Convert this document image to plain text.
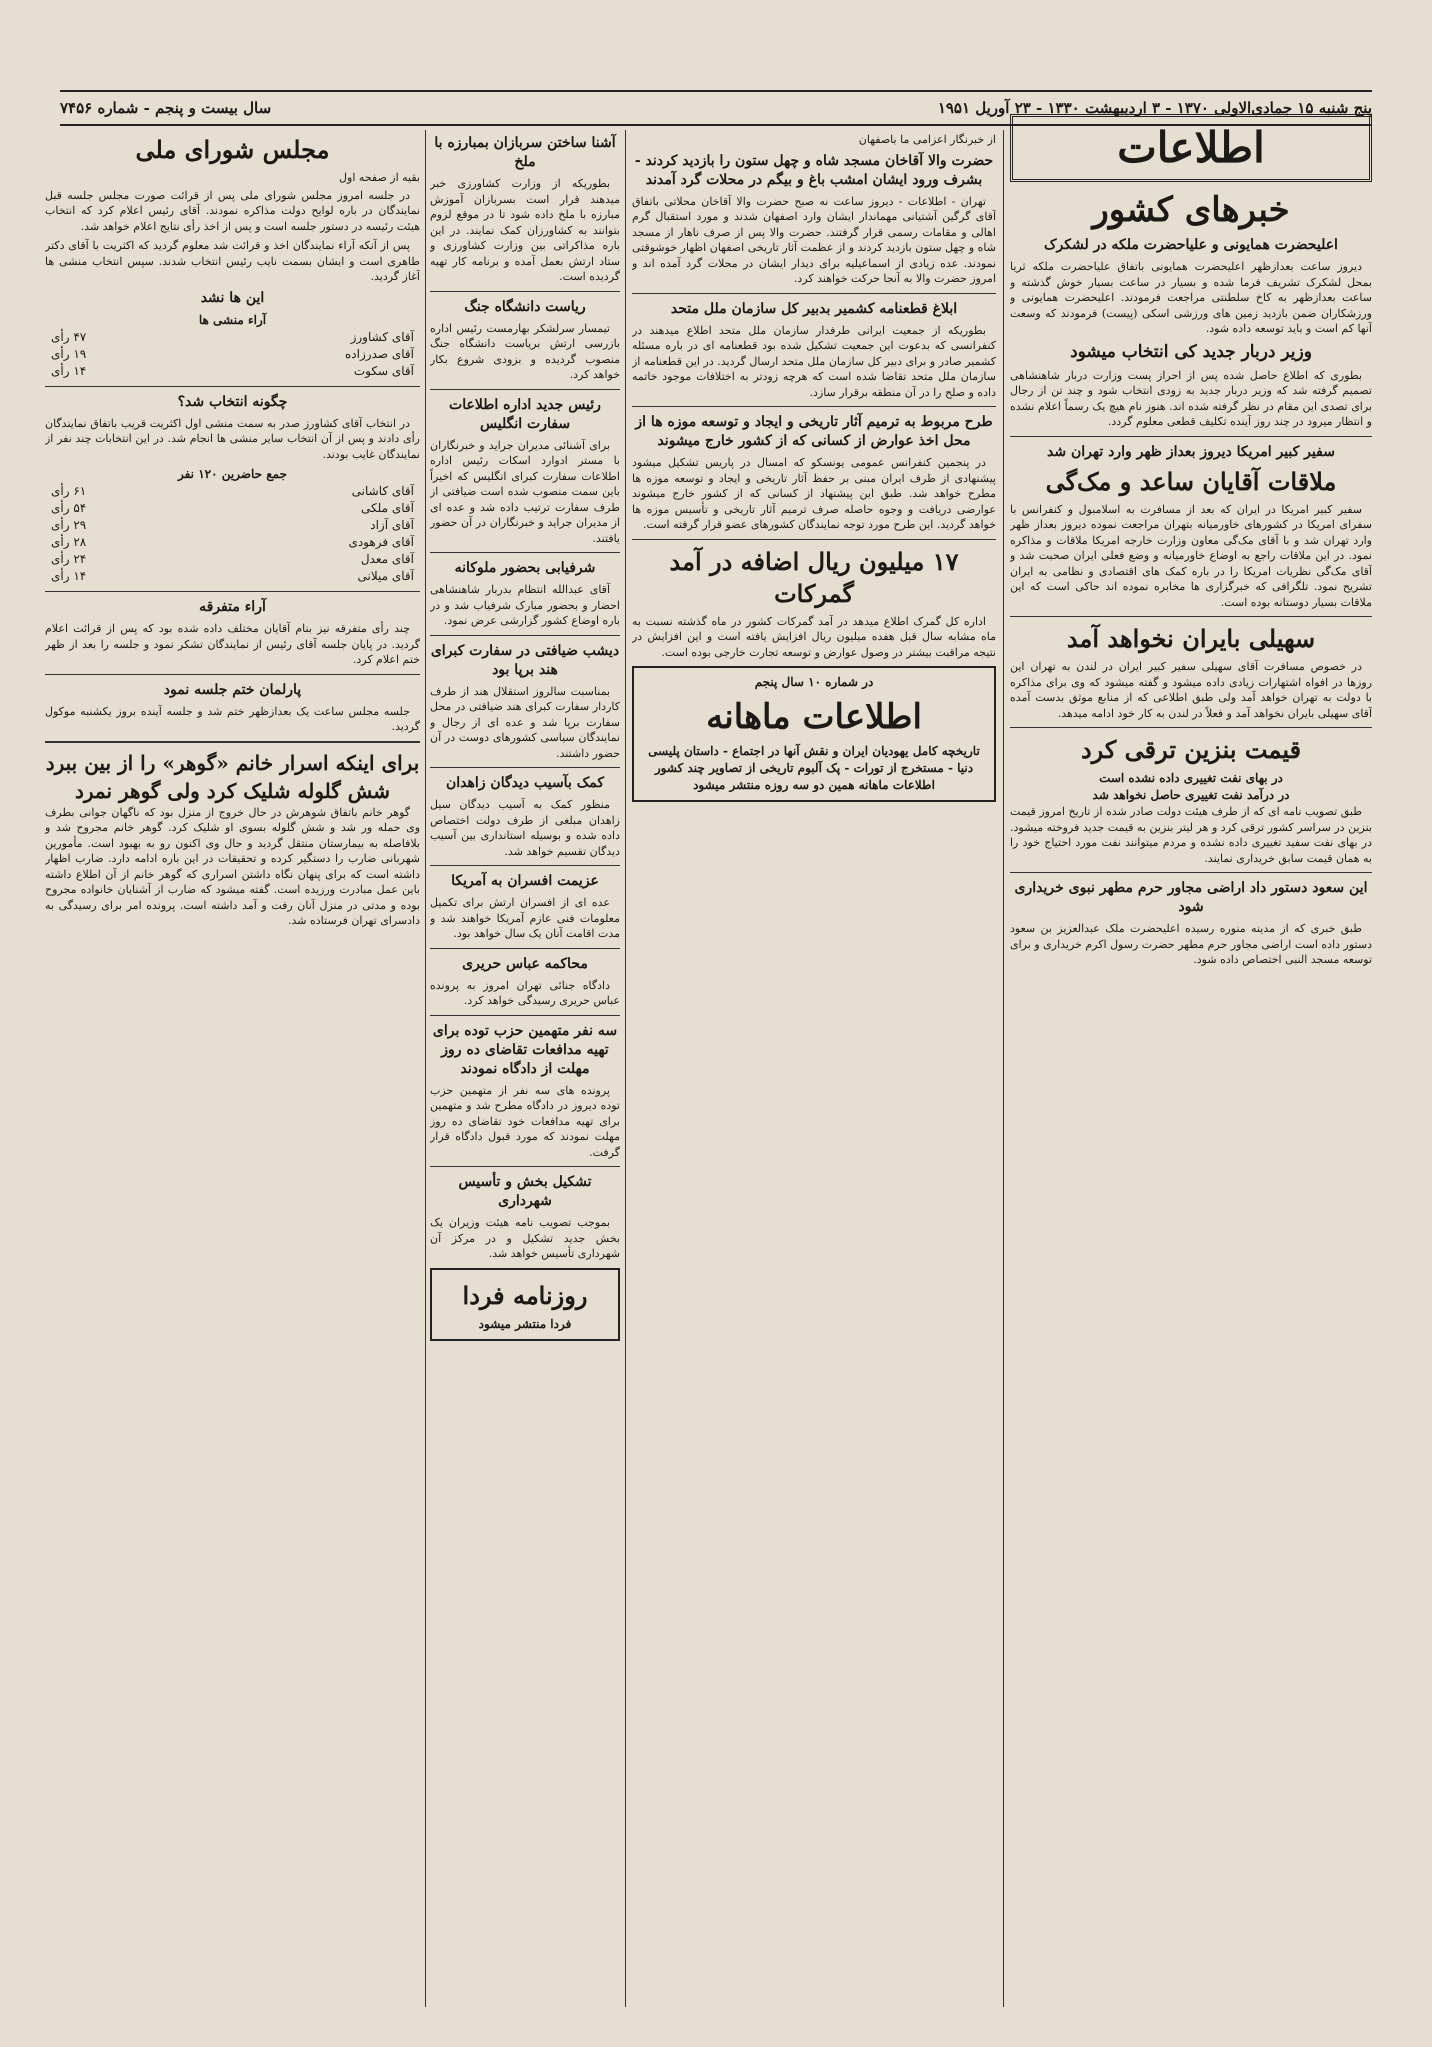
پنج شنبه ۱۵ جمادی‌الاولی ۱۳۷۰ - ۳ اردیبهشت ۱۳۳۰ - ۲۳ آوریل ۱۹۵۱
سال بیست و پنجم - شماره ۷۴۵۶
اطلاعات
خبرهای کشور
اعلیحضرت همایونی و علیاحضرت ملکه در لشکرک

دیروز ساعت بعدازظهر اعلیحضرت همایونی باتفاق علیاحضرت ملکه ثریا بمحل لشکرک تشریف فرما شده و بسیار در ساعت بسیار خوش گذشته و ساعت بعدازظهر به کاخ سلطنتی مراجعت فرمودند. اعلیحضرت همایونی و ورزشکاران ضمن بازدید زمین های ورزشی اسکی (پیست) فرمودند که وسعت آنها کم است و باید توسعه داده شود.

وزیر دربار جدید کی انتخاب میشود

بطوری که اطلاع حاصل شده پس از احراز پست وزارت دربار شاهنشاهی تصمیم گرفته شد که وزیر دربار جدید به زودی انتخاب شود و چند تن از رجال برای تصدی این مقام در نظر گرفته شده اند. هنوز نام هیچ یک رسماً اعلام نشده و انتظار میرود در چند روز آینده تکلیف قطعی معلوم گردد.

سفیر کبیر امریکا دیروز بعداز ظهر وارد تهران شد
ملاقات آقایان ساعد و مک‌گی

سفیر کبیر امریکا در ایران که بعد از مسافرت به اسلامبول و کنفرانس با سفرای امریکا در کشورهای خاورمیانه بتهران مراجعت نموده دیروز بعداز ظهر وارد تهران شد و با آقای مک‌گی معاون وزارت خارجه امریکا ملاقات و مذاکره نمود. در این ملاقات راجع به اوضاع خاورمیانه و وضع فعلی ایران صحبت شد و آقای مک‌گی نظریات امریکا را در باره کمک های اقتصادی و نظامی به ایران تشریح نمود. تلگرافی که خبرگزاری ها مخابره نموده اند حاکی است که این ملاقات بسیار دوستانه بوده است.

سهیلی بایران نخواهد آمد

در خصوص مسافرت آقای سهیلی سفیر کبیر ایران در لندن به تهران این روزها در افواه اشتهارات زیادی داده میشود و گفته میشود که وی برای مذاکره با دولت به تهران خواهد آمد ولی طبق اطلاعی که از منابع موثق بدست آمده آقای سهیلی بایران نخواهد آمد و فعلاً در لندن به کار خود ادامه میدهد.

قیمت بنزین ترقی کرد
در بهای نفت تغییری داده نشده است
در درآمد نفت تغییری حاصل نخواهد شد

طبق تصویب نامه ای که از طرف هیئت دولت صادر شده از تاریخ امروز قیمت بنزین در سراسر کشور ترقی کرد و هر لیتر بنزین به قیمت جدید فروخته میشود. در بهای نفت سفید تغییری داده نشده و مردم میتوانند نفت مورد احتیاج خود را به همان قیمت سابق خریداری نمایند.

این سعود دستور داد اراضی مجاور حرم مطهر نبوی خریداری شود

طبق خبری که از مدینه منوره رسیده اعلیحضرت ملک عبدالعزیز بن سعود دستور داده است اراضی مجاور حرم مطهر حضرت رسول اکرم خریداری و برای توسعه مسجد النبی اختصاص داده شود.

از خبرنگار اعزامی ما باصفهان
حضرت والا آقاخان مسجد شاه و چهل ستون را بازدید کردند - بشرف ورود ایشان امشب باغ و بیگم در محلات گرد آمدند

تهران - اطلاعات - دیروز ساعت نه صبح حضرت والا آقاخان محلاتی باتفاق آقای گرگین آشتیانی مهماندار ایشان وارد اصفهان شدند و مورد استقبال گرم اهالی و مقامات رسمی قرار گرفتند. حضرت والا پس از صرف ناهار از مسجد شاه و چهل ستون بازدید کردند و از عظمت آثار تاریخی اصفهان اظهار خوشوقتی نمودند. عده زیادی از اسماعیلیه برای دیدار ایشان در محلات گرد آمده اند و امروز حضرت والا به آنجا حرکت خواهند کرد.

ابلاغ قطعنامه کشمیر بدبیر کل سازمان ملل متحد

بطوریکه از جمعیت ایرانی طرفدار سازمان ملل متحد اطلاع میدهند در کنفرانسی که بدعوت این جمعیت تشکیل شده بود قطعنامه ای در باره مسئله کشمیر صادر و برای دبیر کل سازمان ملل متحد ارسال گردید. در این قطعنامه از سازمان ملل متحد تقاضا شده است که هرچه زودتر به اختلافات موجود خاتمه داده و صلح را در آن منطقه برقرار سازد.

طرح مربوط به ترمیم آثار تاریخی و ایجاد و توسعه موزه ها از محل اخذ عوارض از کسانی که از کشور خارج میشوند

در پنجمین کنفرانس عمومی یونسکو که امسال در پاریس تشکیل میشود پیشنهادی از طرف ایران مبنی بر حفظ آثار تاریخی و ایجاد و توسعه موزه ها مطرح خواهد شد. طبق این پیشنهاد از کسانی که از کشور خارج میشوند عوارضی دریافت و وجوه حاصله صرف ترمیم آثار تاریخی و تأسیس موزه ها خواهد گردید. این طرح مورد توجه نمایندگان کشورهای عضو قرار گرفته است.

۱۷ میلیون ریال اضافه در آمد گمرکات

اداره کل گمرک اطلاع میدهد در آمد گمرکات کشور در ماه گذشته نسبت به ماه مشابه سال قبل هفده میلیون ریال افزایش یافته است و این افزایش در نتیجه مراقبت بیشتر در وصول عوارض و توسعه تجارت خارجی بوده است.

در شماره ۱۰ سال پنجم
اطلاعات ماهانه
تاریخچه کامل یهودیان ایران و نقش آنها در اجتماع - داستان پلیسی دنیا - مستخرج از تورات - پک آلبوم تاریخی از تصاویر چند کشور
اطلاعات ماهانه همین دو سه روزه منتشر میشود
آشنا ساختن سربازان بمبارزه با ملخ

بطوریکه از وزارت کشاورزی خبر میدهند قرار است بسربازان آموزش مبارزه با ملخ داده شود تا در موقع لزوم بتوانند به کشاورزان کمک نمایند. در این باره مذاکراتی بین وزارت کشاورزی و ستاد ارتش بعمل آمده و برنامه کار تهیه گردیده است.

ریاست دانشگاه جنگ

تیمسار سرلشکر بهارمست رئیس اداره بازرسی ارتش بریاست دانشگاه جنگ منصوب گردیده و بزودی شروع بکار خواهد کرد.

رئیس جدید اداره اطلاعات سفارت انگلیس

برای آشنائی مدیران جراید و خبرنگاران با مستر ادوارد اسکات رئیس اداره اطلاعات سفارت کبرای انگلیس که اخیراً باین سمت منصوب شده است ضیافتی از طرف سفارت ترتیب داده شد و عده ای از مدیران جراید و خبرنگاران در آن حضور یافتند.

شرفیابی بحضور ملوکانه

آقای عبدالله انتظام بدربار شاهنشاهی احضار و بحضور مبارک شرفیاب شد و در باره اوضاع کشور گزارشی عرض نمود.

دیشب ضیافتی در سفارت کبرای هند برپا بود

بمناسبت سالروز استقلال هند از طرف کاردار سفارت کبرای هند ضیافتی در محل سفارت برپا شد و عده ای از رجال و نمایندگان سیاسی کشورهای دوست در آن حضور داشتند.

کمک بآسیب دیدگان زاهدان

منظور کمک به آسیب دیدگان سیل زاهدان مبلغی از طرف دولت اختصاص داده شده و بوسیله استانداری بین آسیب دیدگان تقسیم خواهد شد.

عزیمت افسران به آمریکا

عده ای از افسران ارتش برای تکمیل معلومات فنی عازم آمریکا خواهند شد و مدت اقامت آنان یک سال خواهد بود.

محاکمه عباس حریری

دادگاه جنائی تهران امروز به پرونده عباس حریری رسیدگی خواهد کرد.

سه نفر متهمین حزب توده برای تهیه مدافعات تقاضای ده روز مهلت از دادگاه نمودند

پرونده های سه نفر از متهمین حزب توده دیروز در دادگاه مطرح شد و متهمین برای تهیه مدافعات خود تقاضای ده روز مهلت نمودند که مورد قبول دادگاه قرار گرفت.

تشکیل بخش و تأسیس شهرداری

بموجب تصویب نامه هیئت وزیران یک بخش جدید تشکیل و در مرکز آن شهرداری تأسیس خواهد شد.

روزنامه فردا
فردا منتشر میشود
مجلس شورای ملی
بقیه از صفحه اول

در جلسه امروز مجلس شورای ملی پس از قرائت صورت مجلس جلسه قبل نمایندگان در باره لوایح دولت مذاکره نمودند. آقای رئیس اعلام کرد که انتخاب هیئت رئیسه در دستور جلسه است و پس از اخذ رأی نتایج اعلام خواهد شد.

پس از آنکه آراء نمایندگان اخذ و قرائت شد معلوم گردید که اکثریت با آقای دکتر طاهری است و ایشان بسمت نایب رئیس انتخاب شدند. سپس انتخاب منشی ها آغاز گردید.

این ها نشد
آراء منشی ها
آقای کشاورز
۴۷ رأی
آقای صدرزاده
۱۹ رأی
آقای سکوت
۱۴ رأی
چگونه انتخاب شد؟

در انتخاب آقای کشاورز صدر به سمت منشی اول اکثریت قریب باتفاق نمایندگان رأی دادند و پس از آن انتخاب سایر منشی ها انجام شد. در این انتخابات چند نفر از نمایندگان غایب بودند.

جمع حاضرین ۱۲۰ نفر
آقای کاشانی
۶۱ رأی
آقای ملکی
۵۴ رأی
آقای آزاد
۲۹ رأی
آقای فرهودی
۲۸ رأی
آقای معدل
۲۴ رأی
آقای میلانی
۱۴ رأی
آراء متفرقه

چند رأی متفرقه نیز بنام آقایان مختلف داده شده بود که پس از قرائت اعلام گردید. در پایان جلسه آقای رئیس از نمایندگان تشکر نمود و جلسه را بعد از ظهر ختم اعلام کرد.

پارلمان ختم جلسه نمود

جلسه مجلس ساعت یک بعدازظهر ختم شد و جلسه آینده بروز یکشنبه موکول گردید.

برای اینکه اسرار خانم «گوهر» را از بین ببرد شش گلوله شلیک کرد ولی گوهر نمرد

گوهر خانم باتفاق شوهرش در حال خروج از منزل بود که ناگهان جوانی بطرف وی حمله ور شد و شش گلوله بسوی او شلیک کرد. گوهر خانم مجروح شد و بلافاصله به بیمارستان منتقل گردید و حال وی اکنون رو به بهبود است. مأمورین شهربانی ضارب را دستگیر کرده و تحقیقات در این باره ادامه دارد. ضارب اظهار داشته است که برای پنهان نگاه داشتن اسراری که گوهر خانم از آن اطلاع داشته باین عمل مبادرت ورزیده است. گفته میشود که ضارب از آشنایان خانواده مجروح بوده و مدتی در منزل آنان رفت و آمد داشته است. پرونده امر برای رسیدگی به دادسرای تهران فرستاده شد.
